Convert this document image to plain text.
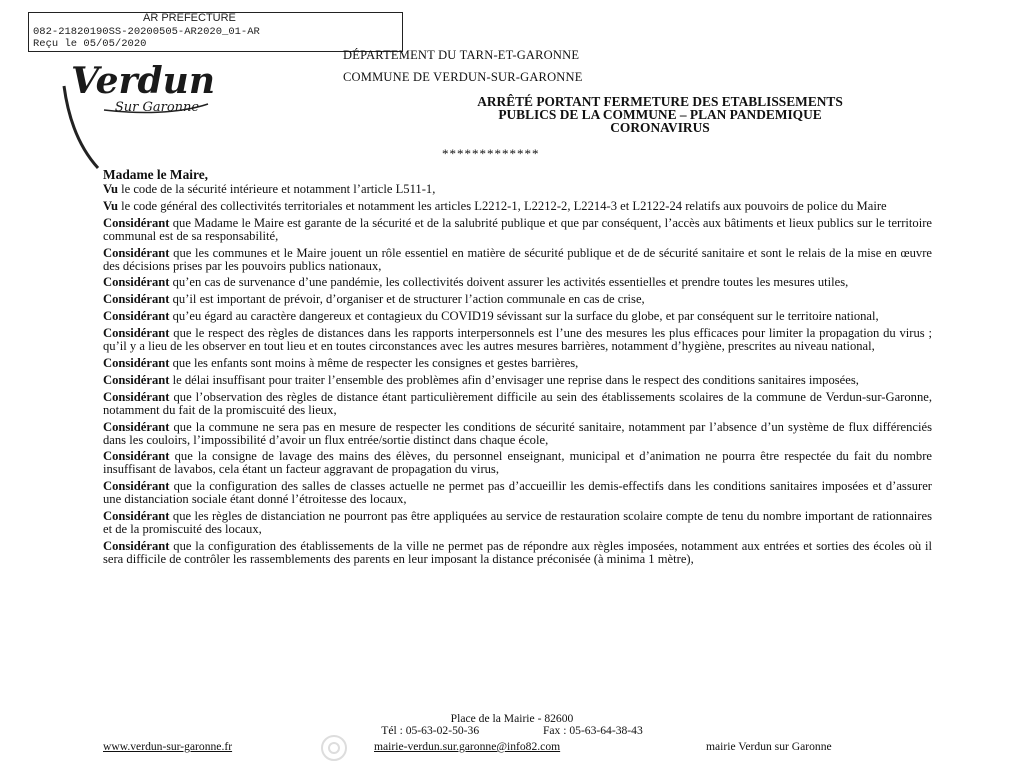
AR PREFECTURE
082-21820190SS-20200505-AR2020_01-AR
Reçu le 05/05/2020
Verdun
Sur Garonne
DÉPARTEMENT DU TARN-ET-GARONNE
COMMUNE DE VERDUN-SUR-GARONNE
ARRÊTÉ PORTANT FERMETURE DES ETABLISSEMENTS
PUBLICS DE LA COMMUNE – PLAN PANDEMIQUE
CORONAVIRUS
*************
Madame le Maire,

Vu le code de la sécurité intérieure et notamment l’article L511-1,

Vu le code général des collectivités territoriales et notamment les articles L2212-1, L2212-2, L2214-3 et L2122-24 relatifs aux pouvoirs de police du Maire

Considérant que Madame le Maire est garante de la sécurité et de la salubrité publique et que par conséquent, l’accès aux bâtiments et lieux publics sur le territoire communal est de sa responsabilité,

Considérant que les communes et le Maire jouent un rôle essentiel en matière de sécurité publique et de de sécurité sanitaire et sont le relais de la mise en œuvre des décisions prises par les pouvoirs publics nationaux,

Considérant qu’en cas de survenance d’une pandémie, les collectivités doivent assurer les activités essentielles et prendre toutes les mesures utiles,

Considérant qu’il est important de prévoir, d’organiser et de structurer l’action communale en cas de crise,

Considérant qu’eu égard au caractère dangereux et contagieux du COVID19 sévissant sur la surface du globe, et par conséquent sur le territoire national,

Considérant que le respect des règles de distances dans les rapports interpersonnels est l’une des mesures les plus efficaces pour limiter la propagation du virus ; qu’il y a lieu de les observer en tout lieu et en toutes circonstances avec les autres mesures barrières, notamment d’hygiène, prescrites au niveau national,

Considérant que les enfants sont moins à même de respecter les consignes et gestes barrières,

Considérant le délai insuffisant pour traiter l’ensemble des problèmes afin d’envisager une reprise dans le respect des conditions sanitaires imposées,

Considérant que l’observation des règles de distance étant particulièrement difficile au sein des établissements scolaires de la commune de Verdun-sur-Garonne, notamment du fait de la promiscuité des lieux,

Considérant que la commune ne sera pas en mesure de respecter les conditions de sécurité sanitaire, notamment par l’absence d’un système de flux différenciés dans les couloirs, l’impossibilité d’avoir un flux entrée/sortie distinct dans chaque école,

Considérant que la consigne de lavage des mains des élèves, du personnel enseignant, municipal et d’animation ne pourra être respectée du fait du nombre insuffisant de lavabos, cela étant un facteur aggravant de propagation du virus,

Considérant que la configuration des salles de classes actuelle ne permet pas d’accueillir les demis-effectifs dans les conditions sanitaires imposées et d’assurer une distanciation sociale étant donné l’étroitesse des locaux,

Considérant que les règles de distanciation ne pourront pas être appliquées au service de restauration scolaire compte de tenu du nombre important de rationnaires et de la promiscuité des locaux,

Considérant que la configuration des établissements de la ville ne permet pas de répondre aux règles imposées, notamment aux entrées et sorties des écoles où il sera difficile de contrôler les rassemblements des parents en leur imposant la distance préconisée (à minima 1 mètre),

Place de la Mairie - 82600
Tél : 05-63-02-50-36	Fax : 05-63-64-38-43
www.verdun-sur-garonne.fr	mairie-verdun.sur.garonne@info82.com	mairie Verdun sur Garonne
